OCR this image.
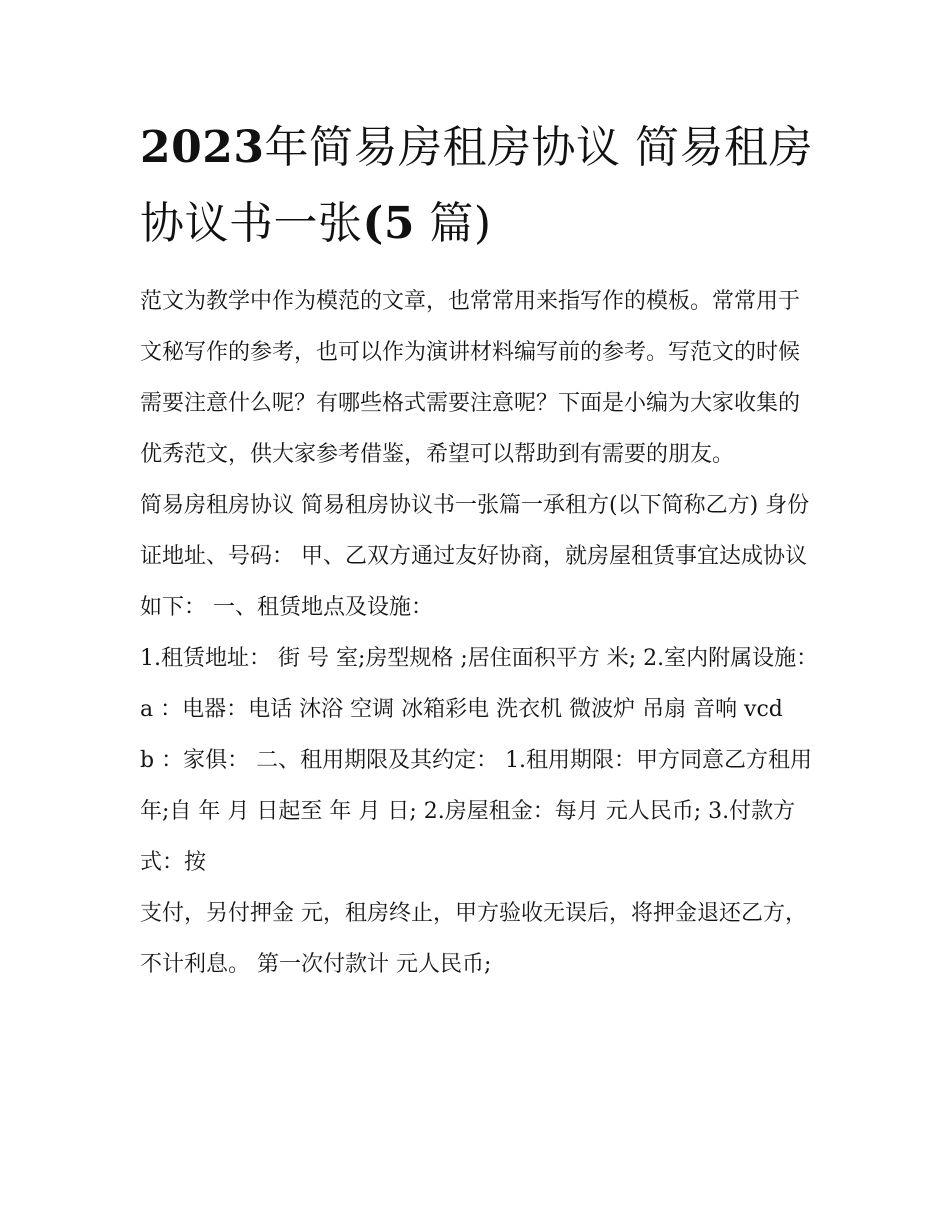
2023年简易房租房协议 简易租房协议书一张(5 篇)

范文为教学中作为模范的文章，也常常用来指写作的模板。常常用于文秘写作的参考，也可以作为演讲材料编写前的参考。写范文的时候需要注意什么呢？有哪些格式需要注意呢？下面是小编为大家收集的优秀范文，供大家参考借鉴，希望可以帮助到有需要的朋友。

简易房租房协议 简易租房协议书一张篇一承租方(以下简称乙方) 身份证地址、号码： 甲、乙双方通过友好协商，就房屋租赁事宜达成协议如下： 一、租赁地点及设施：

1.租赁地址： 街 号 室;房型规格 ;居住面积平方 米; 2.室内附属设施： a ：电器：电话 沐浴 空调 冰箱彩电 洗衣机 微波炉 吊扇 音响 vcd

b ：家俱： 二、租用期限及其约定： 1.租用期限：甲方同意乙方租用 年;自 年 月 日起至 年 月 日; 2.房屋租金：每月 元人民币; 3.付款方式：按

支付，另付押金 元，租房终止，甲方验收无误后，将押金退还乙方，不计利息。 第一次付款计 元人民币;
